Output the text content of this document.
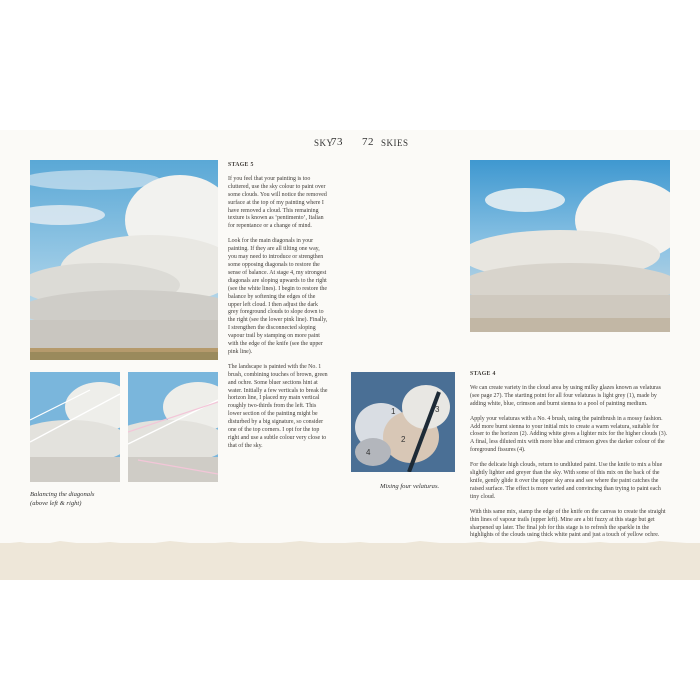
SKY
73 72 SKIES
Balancing the diagonals
(above left & right)
STAGE 5

If you feel that your painting is too cluttered, use the sky colour to paint over some clouds. You will notice the removed surface at the top of my painting where I have removed a cloud. This remaining texture is known as ‘pentimento’, Italian for repentance or a change of mind.

Look for the main diagonals in your painting. If they are all tilting one way, you may need to introduce or strengthen some opposing diagonals to restore the sense of balance. At stage 4, my strongest diagonals are sloping upwards to the right (see the white lines). I begin to restore the balance by softening the edges of the upper left cloud. I then adjust the dark grey foreground clouds to slope down to the right (see the lower pink line). Finally, I strengthen the disconnected sloping vapour trail by stamping on more paint with the edge of the knife (see the upper pink line).

The landscape is painted with the No. 1 brush, combining touches of brown, green and ochre. Some bluer sections hint at water. Initially a few verticals to break the horizon line, I placed my main vertical roughly two-thirds from the left. This lower section of the painting might be disturbed by a big signature, so consider one of the top corners. I opt for the top right and use a subtle colour very close to that of the sky.

1
2
3
4
Mixing four velaturas.
STAGE 4

We can create variety in the cloud area by using milky glazes known as velaturas (see page 27). The starting point for all four velaturas is light grey (1), made by adding white, blue, crimson and burnt sienna to a pool of painting medium.

Apply your velaturas with a No. 4 brush, using the paintbrush in a mossy fashion. Add more burnt sienna to your initial mix to create a warm velatura, suitable for closer to the horizon (2). Adding white gives a lighter mix for the higher clouds (3). A final, less diluted mix with more blue and crimson gives the darker colour of the foreground fissures (4).

For the delicate high clouds, return to undiluted paint. Use the knife to mix a blue slightly lighter and greyer than the sky. With some of this mix on the back of the knife, gently glide it over the upper sky area and see where the paint catches the raised surface. The effect is more varied and convincing than trying to paint each tiny cloud.

With this same mix, stamp the edge of the knife on the canvas to create the straight thin lines of vapour trails (upper left). Mine are a bit fuzzy at this stage but get sharpened up later. The final job for this stage is to refresh the sparkle in the highlights of the clouds using thick white paint and just a touch of yellow ochre.
